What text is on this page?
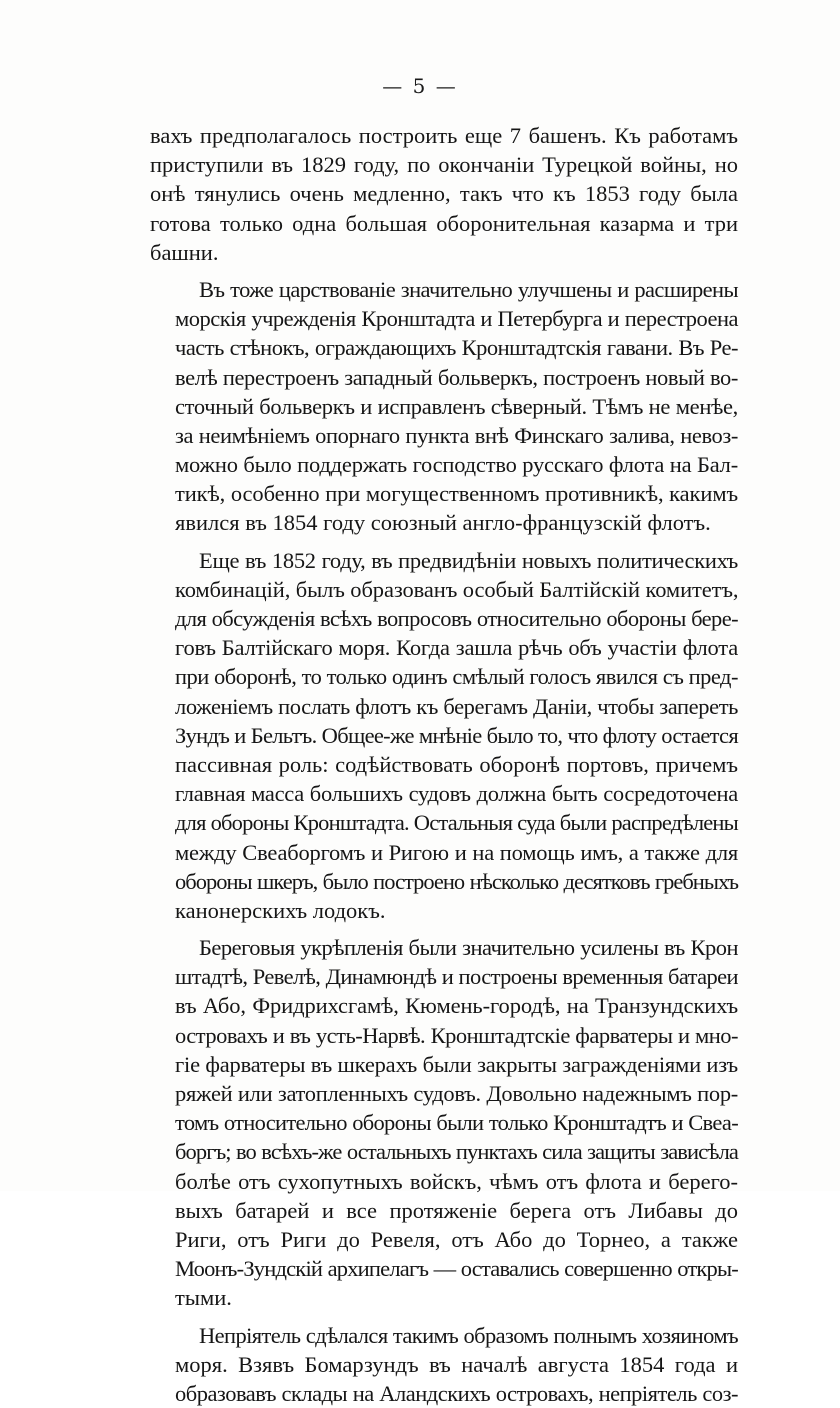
— 5 —
вахъ предполагалось построить еще 7 башенъ. Къ работамъ
приступили въ 1829 году, по окончаніи Турецкой войны, но
онѣ тянулись очень медленно, такъ что къ 1853 году была
готова только одна большая оборонительная казарма и три
башни.
Въ тоже царствованіе значительно улучшены и расширены
морскія учрежденія Кронштадта и Петербурга и перестроена
часть стѣнокъ, ограждающихъ Кронштадтскія гавани. Въ Ре-
велѣ перестроенъ западный больверкъ, построенъ новый во-
сточный больверкъ и исправленъ сѣверный. Тѣмъ не менѣе,
за неимѣніемъ опорнаго пункта внѣ Финскаго залива, невоз-
можно было поддержать господство русскаго флота на Бал-
тикѣ, особенно при могущественномъ противникѣ, какимъ
явился въ 1854 году союзный англо-французскій флотъ.
Еще въ 1852 году, въ предвидѣніи новыхъ политическихъ
комбинацій, былъ образованъ особый Балтійскій комитетъ,
для обсужденія всѣхъ вопросовъ относительно обороны бере-
говъ Балтійскаго моря. Когда зашла рѣчь объ участіи флота
при оборонѣ, то только одинъ смѣлый голосъ явился съ пред-
ложеніемъ послать флотъ къ берегамъ Даніи, чтобы запереть
Зундъ и Бельтъ. Общее-же мнѣніе было то, что флоту остается
пассивная роль: содѣйствовать оборонѣ портовъ, причемъ
главная масса большихъ судовъ должна быть сосредоточена
для обороны Кронштадта. Остальныя суда были распредѣлены
между Свеаборгомъ и Ригою и на помощь имъ, а также для
обороны шкеръ, было построено нѣсколько десятковъ гребныхъ
канонерскихъ лодокъ.
Береговыя укрѣпленія были значительно усилены въ Крон
штадтѣ, Ревелѣ, Динамюндѣ и построены временныя батареи
въ Або, Фридрихсгамѣ, Кюмень-городѣ, на Транзундскихъ
островахъ и въ усть-Нарвѣ. Кронштадтскіе фарватеры и мно-
гіе фарватеры въ шкерахъ были закрыты загражденіями изъ
ряжей или затопленныхъ судовъ. Довольно надежнымъ пор-
томъ относительно обороны были только Кронштадтъ и Свеа-
боргъ; во всѣхъ-же остальныхъ пунктахъ сила защиты зависѣла
болѣе отъ сухопутныхъ войскъ, чѣмъ отъ флота и берего-
выхъ батарей и все протяженіе берега отъ Либавы до
Риги, отъ Риги до Ревеля, отъ Або до Торнео, а также
Моонъ-Зундскій архипелагъ — оставались совершенно откры-
тыми.
Непріятель сдѣлался такимъ образомъ полнымъ хозяиномъ
моря. Взявъ Бомарзундъ въ началѣ августа 1854 года и
образовавъ склады на Аландскихъ островахъ, непріятель соз-
